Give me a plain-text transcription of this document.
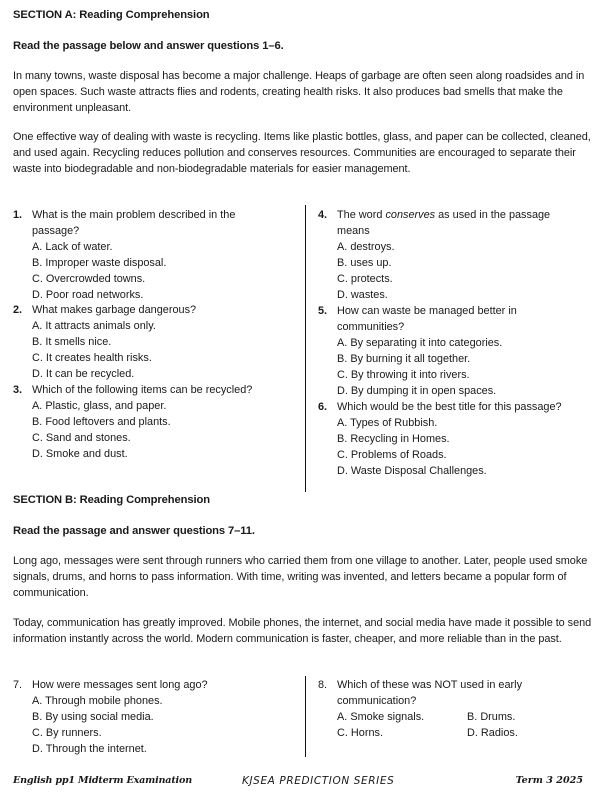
SECTION A: Reading Comprehension
Read the passage below and answer questions 1–6.
In many towns, waste disposal has become a major challenge. Heaps of garbage are often seen along roadsides and in open spaces. Such waste attracts flies and rodents, creating health risks. It also produces bad smells that make the environment unpleasant.
One effective way of dealing with waste is recycling. Items like plastic bottles, glass, and paper can be collected, cleaned, and used again. Recycling reduces pollution and conserves resources. Communities are encouraged to separate their waste into biodegradable and non-biodegradable materials for easier management.
1. What is the main problem described in the passage?
A. Lack of water.
B. Improper waste disposal.
C. Overcrowded towns.
D. Poor road networks.
2. What makes garbage dangerous?
A. It attracts animals only.
B. It smells nice.
C. It creates health risks.
D. It can be recycled.
3. Which of the following items can be recycled?
A. Plastic, glass, and paper.
B. Food leftovers and plants.
C. Sand and stones.
D. Smoke and dust.
4. The word conserves as used in the passage means
A. destroys.
B. uses up.
C. protects.
D. wastes.
5. How can waste be managed better in communities?
A. By separating it into categories.
B. By burning it all together.
C. By throwing it into rivers.
D. By dumping it in open spaces.
6. Which would be the best title for this passage?
A. Types of Rubbish.
B. Recycling in Homes.
C. Problems of Roads.
D. Waste Disposal Challenges.
SECTION B: Reading Comprehension
Read the passage and answer questions 7–11.
Long ago, messages were sent through runners who carried them from one village to another. Later, people used smoke signals, drums, and horns to pass information. With time, writing was invented, and letters became a popular form of communication.
Today, communication has greatly improved. Mobile phones, the internet, and social media have made it possible to send information instantly across the world. Modern communication is faster, cheaper, and more reliable than in the past.
7. How were messages sent long ago?
A. Through mobile phones.
B. By using social media.
C. By runners.
D. Through the internet.
8. Which of these was NOT used in early communication?
A. Smoke signals.	B. Drums.
C. Horns.	D. Radios.
English pp1 Midterm Examination	KJSEA PREDICTION SERIES	Term 3 2025
